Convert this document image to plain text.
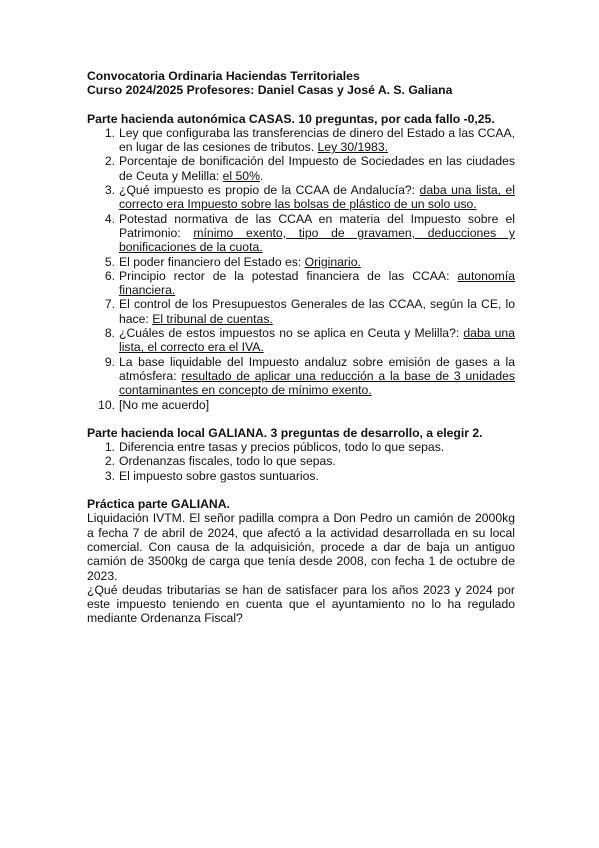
Convocatoria Ordinaria Haciendas Territoriales

Curso 2024/2025 Profesores: Daniel Casas y José A. S. Galiana

Parte hacienda autonómica CASAS. 10 preguntas, por cada fallo -0,25.

1. Ley que configuraba las transferencias de dinero del Estado a las CCAA, en lugar de las cesiones de tributos. Ley 30/1983.
2. Porcentaje de bonificación del Impuesto de Sociedades en las ciudades de Ceuta y Melilla: el 50%.
3. ¿Qué impuesto es propio de la CCAA de Andalucía?: daba una lista, el correcto era Impuesto sobre las bolsas de plástico de un solo uso.
4. Potestad normativa de las CCAA en materia del Impuesto sobre el Patrimonio: mínimo exento, tipo de gravamen, deducciones y bonificaciones de la cuota.
5. El poder financiero del Estado es: Originario.
6. Principio rector de la potestad financiera de las CCAA: autonomía financiera.
7. El control de los Presupuestos Generales de las CCAA, según la CE, lo hace: El tribunal de cuentas.
8. ¿Cuáles de estos impuestos no se aplica en Ceuta y Melilla?: daba una lista, el correcto era el IVA.
9. La base liquidable del Impuesto andaluz sobre emisión de gases a la atmósfera: resultado de aplicar una reducción a la base de 3 unidades contaminantes en concepto de mínimo exento.
10. [No me acuerdo]

Parte hacienda local GALIANA. 3 preguntas de desarrollo, a elegir 2.

1. Diferencia entre tasas y precios públicos, todo lo que sepas.
2. Ordenanzas fiscales, todo lo que sepas.
3. El impuesto sobre gastos suntuarios.

Práctica parte GALIANA.

Liquidación IVTM. El señor padilla compra a Don Pedro un camión de 2000kg a fecha 7 de abril de 2024, que afectó a la actividad desarrollada en su local comercial. Con causa de la adquisición, procede a dar de baja un antiguo camión de 3500kg de carga que tenía desde 2008, con fecha 1 de octubre de 2023.

¿Qué deudas tributarias se han de satisfacer para los años 2023 y 2024 por este impuesto teniendo en cuenta que el ayuntamiento no lo ha regulado mediante Ordenanza Fiscal?
